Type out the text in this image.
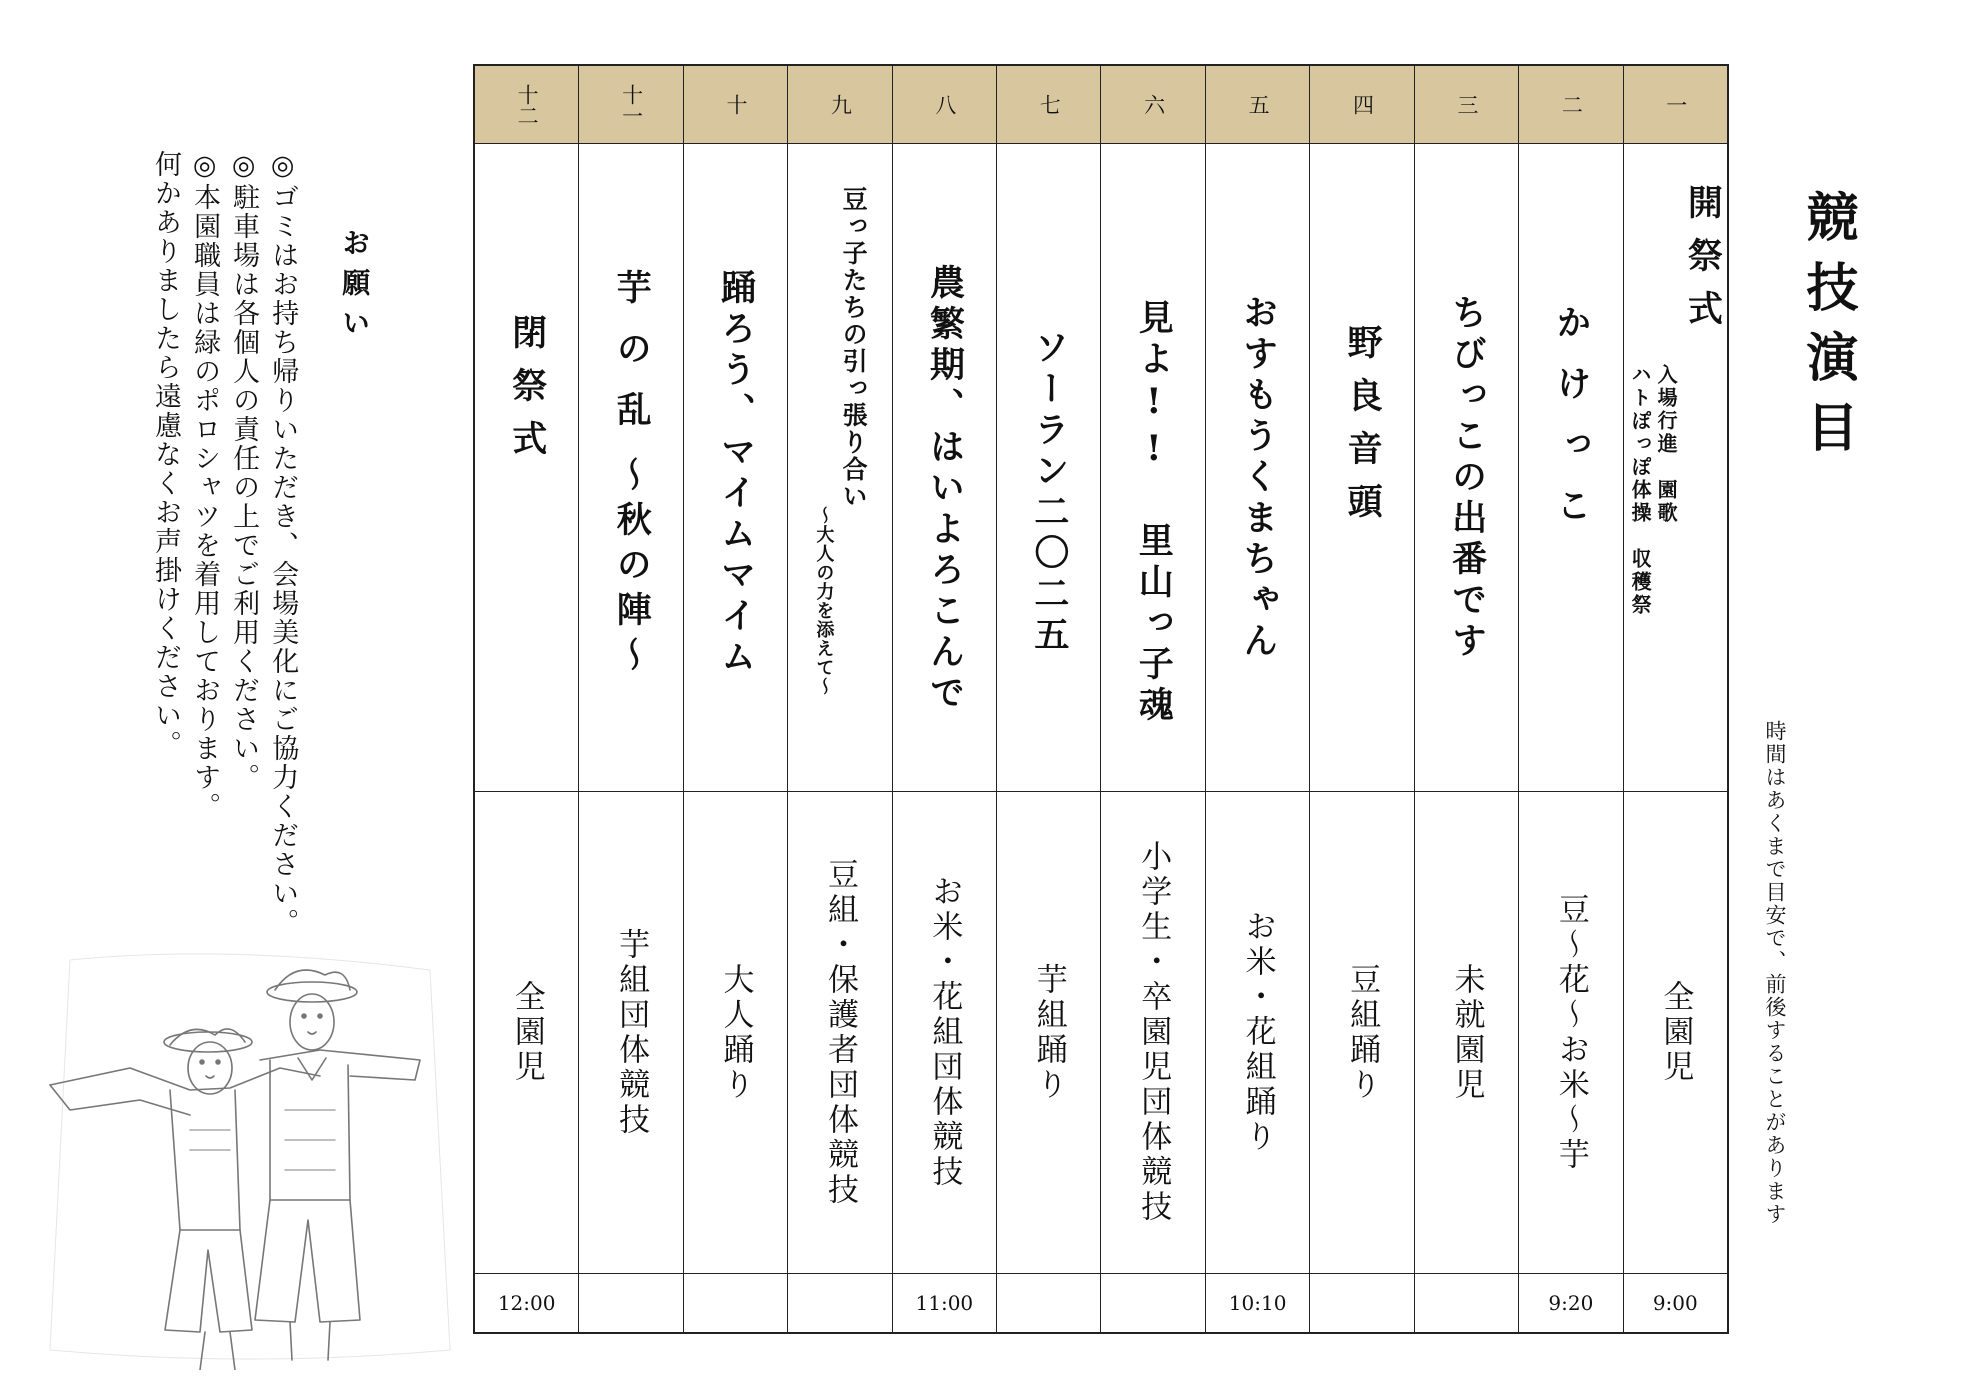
競技演目
時間はあくまで目安で、前後することがあります
一
開祭式
入場行進　園歌
ハトぽっぽ体操　収穫祭
全園児
9:00
二
かけっこ
豆〜花〜お米〜芋
9:20
三
ちびっこの出番です
未就園児
四
野良音頭
豆組踊り
五
おすもうくまちゃん
お米・花組踊り
10:10
六
見よ!! 里山っ子魂
小学生・卒園児団体競技
七
ソーラン二〇二五
芋組踊り
八
農繁期、はいよろこんで
お米・花組団体競技
11:00
九
豆っ子たちの引っ張り合い
〜大人の力を添えて〜
豆組・保護者団体競技
十
踊ろう、マイムマイム
大人踊り
十一
芋の乱
〜秋の陣〜
芋組団体競技
十二
閉祭式
全園児
12:00
お願い
◎ゴミはお持ち帰りいただき、会場美化にご協力ください。
◎駐車場は各個人の責任の上でご利用ください。
◎本園職員は緑のポロシャツを着用しております。
何かありましたら遠慮なくお声掛けください。
